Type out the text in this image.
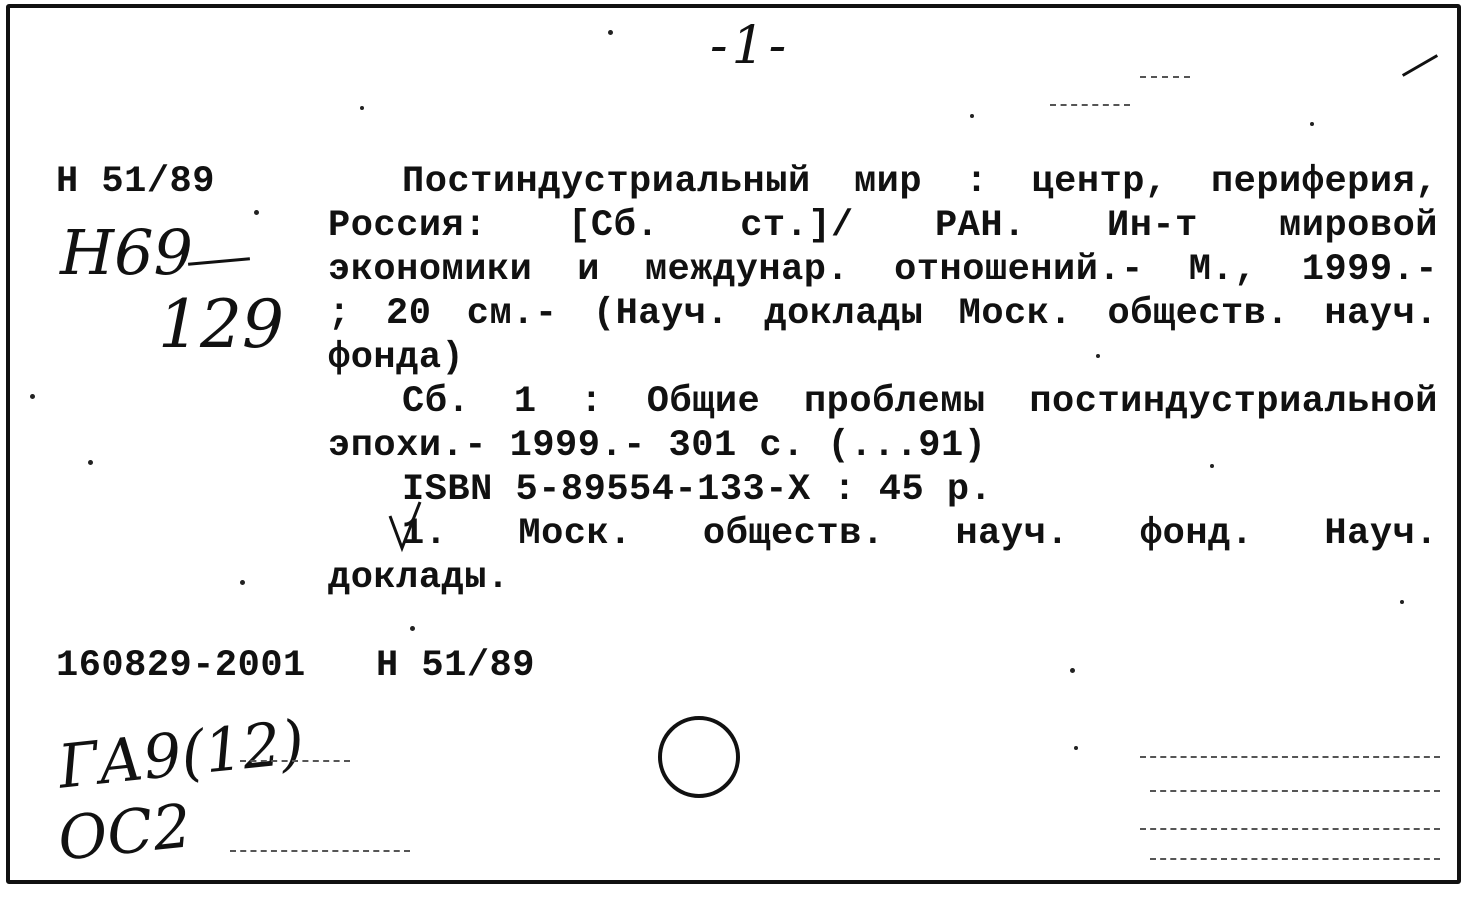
-1-
Н 51/89
Н69
129
Постиндустриальный мир : центр, периферия,
Россия: [Сб. ст.]/ РАН. Ин-т мировой
экономики и междунар. отношений.- М., 1999.-
; 20 см.- (Науч. доклады Моск. обществ. науч.
фонда)
Сб. 1 : Общие проблемы постиндустриальной
эпохи.- 1999.- 301 с. (...91)
ISBN 5-89554-133-X : 45 р.
1. Моск. обществ. науч. фонд. Науч.
доклады.
160829-2001 Н 51/89
ГА9(12)
ОС2
